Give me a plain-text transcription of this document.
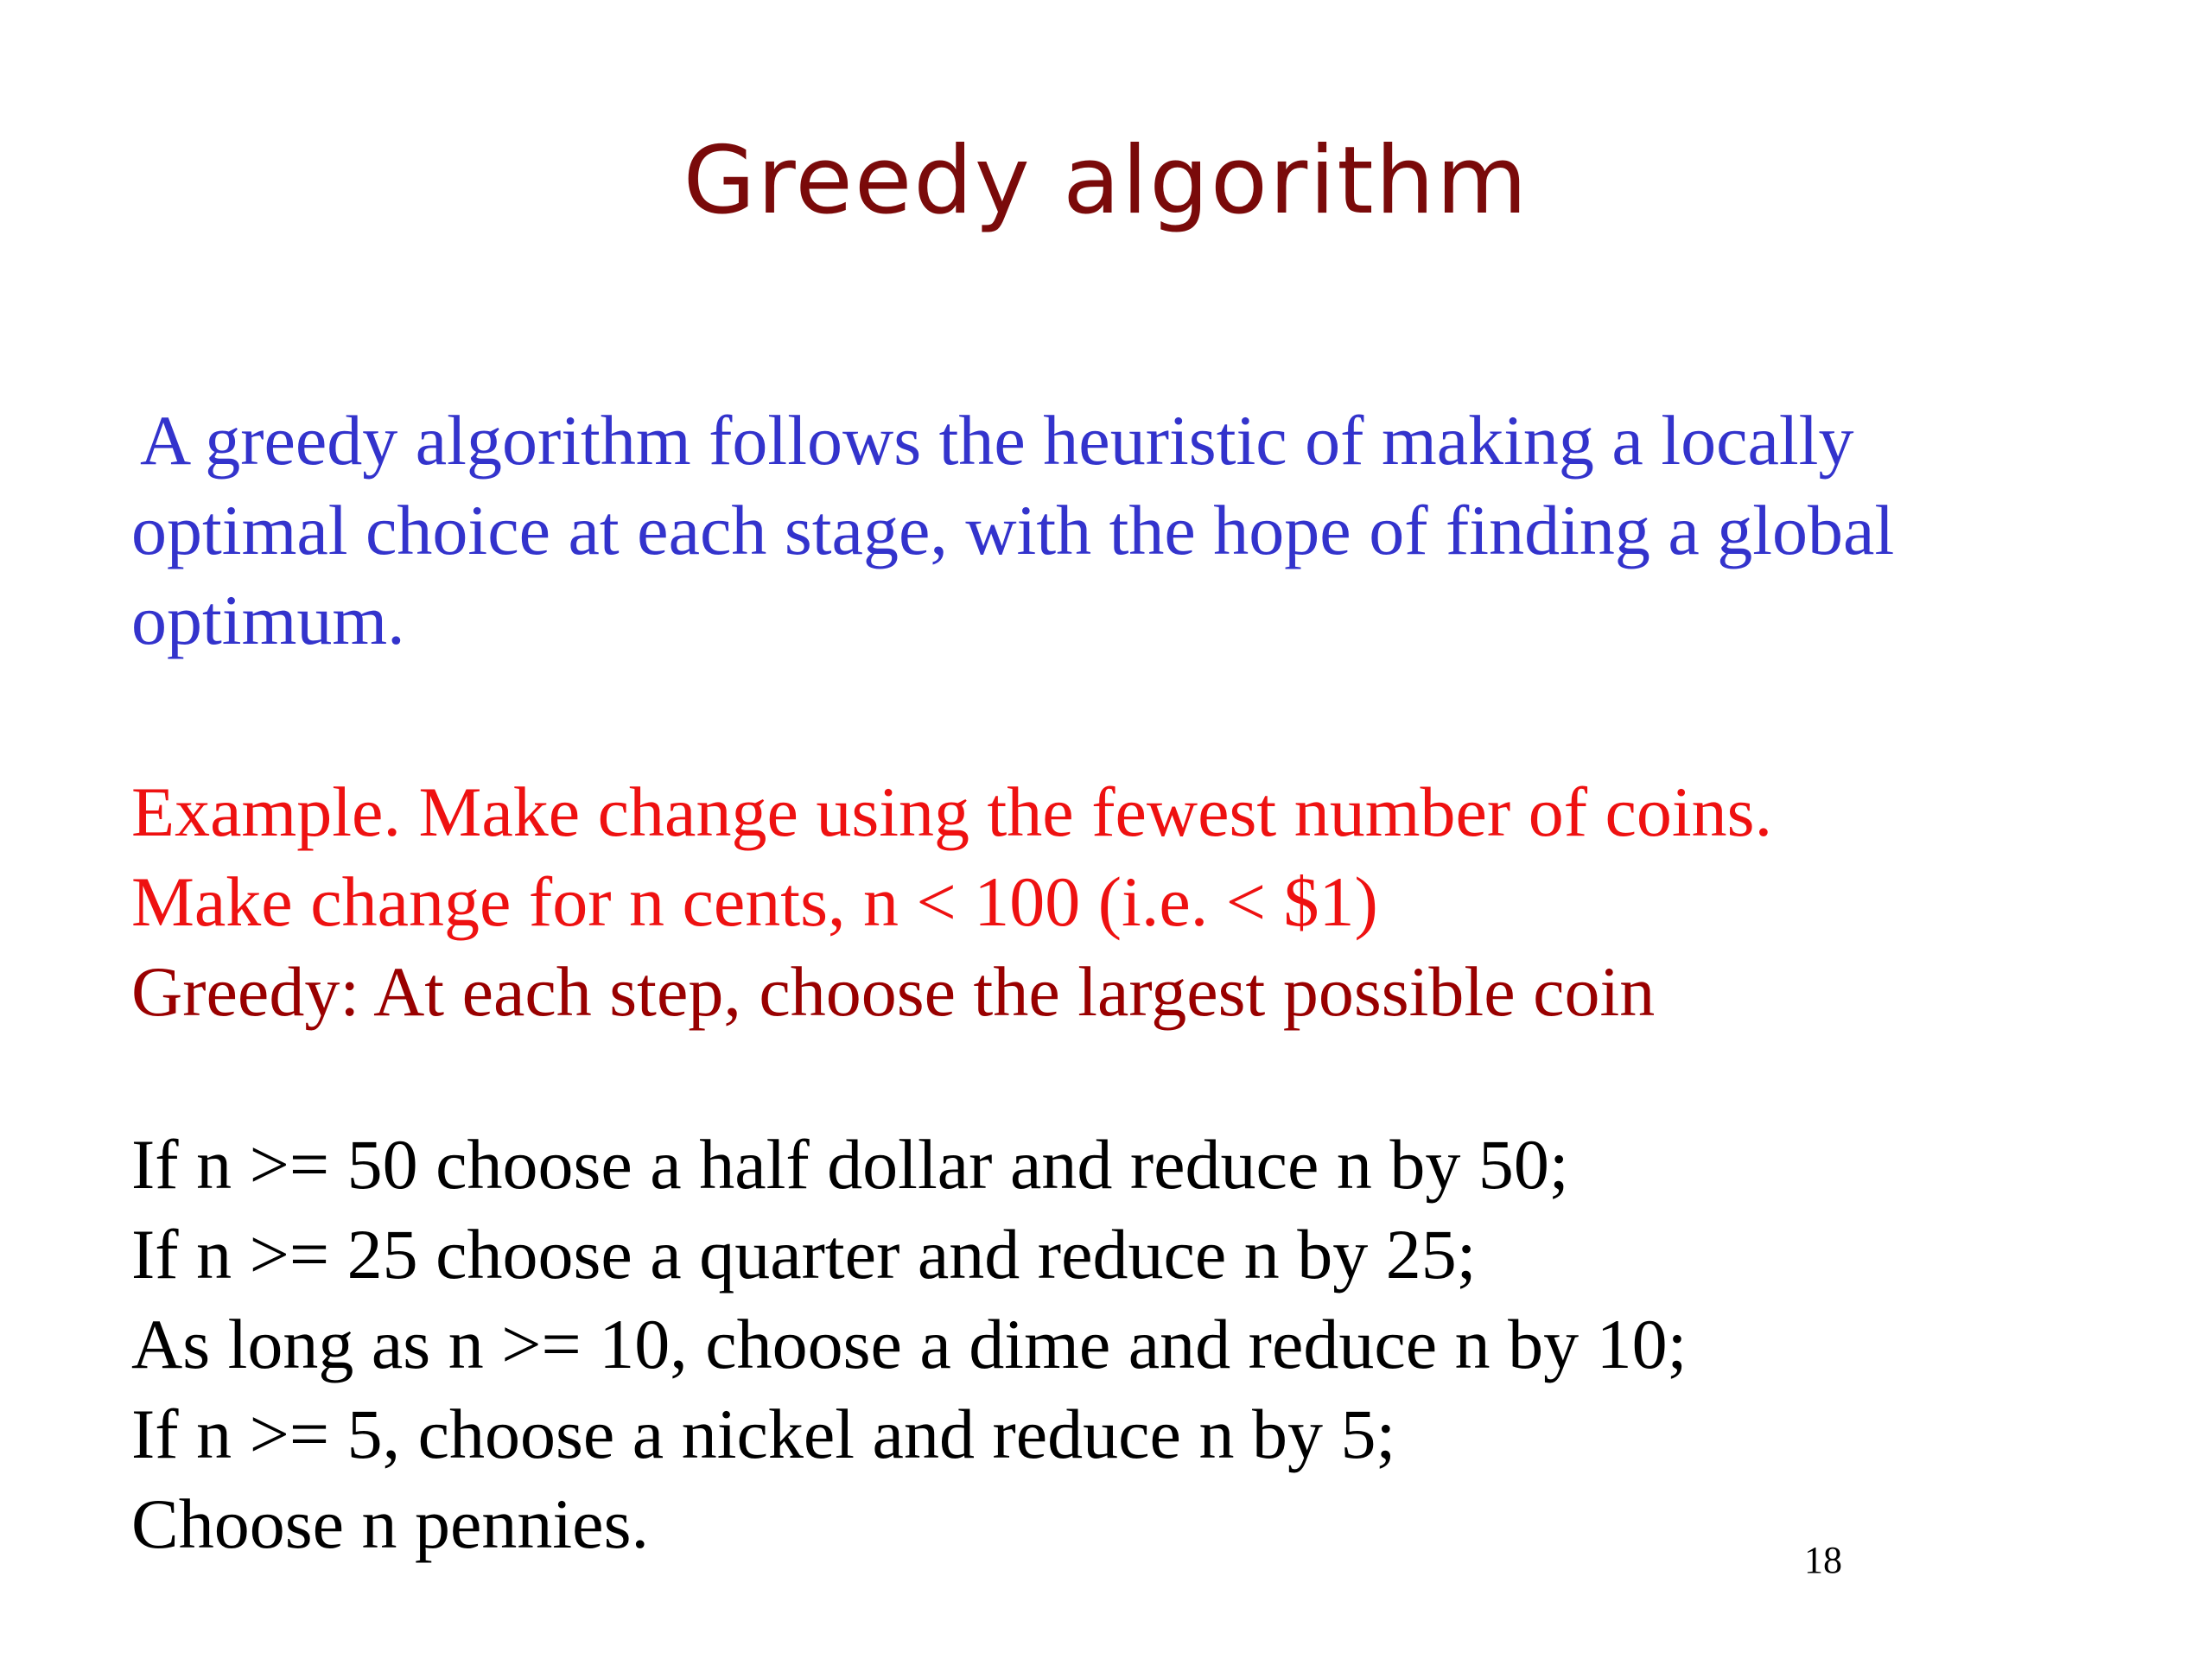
Greedy algorithm
A greedy algorithm follows the heuristic of making a locally
optimal choice at each stage, with the hope of finding a global
optimum.
Example. Make change using the fewest number of coins.
Make change for n cents, n < 100 (i.e. < $1)
Greedy: At each step, choose the largest possible coin
If n >= 50 choose a half dollar and reduce n by 50;
If n >= 25 choose a quarter and reduce n by 25;
As long as n >= 10, choose a dime and reduce n by 10;
If n >= 5, choose a nickel and reduce n by 5;
Choose n pennies.	18
